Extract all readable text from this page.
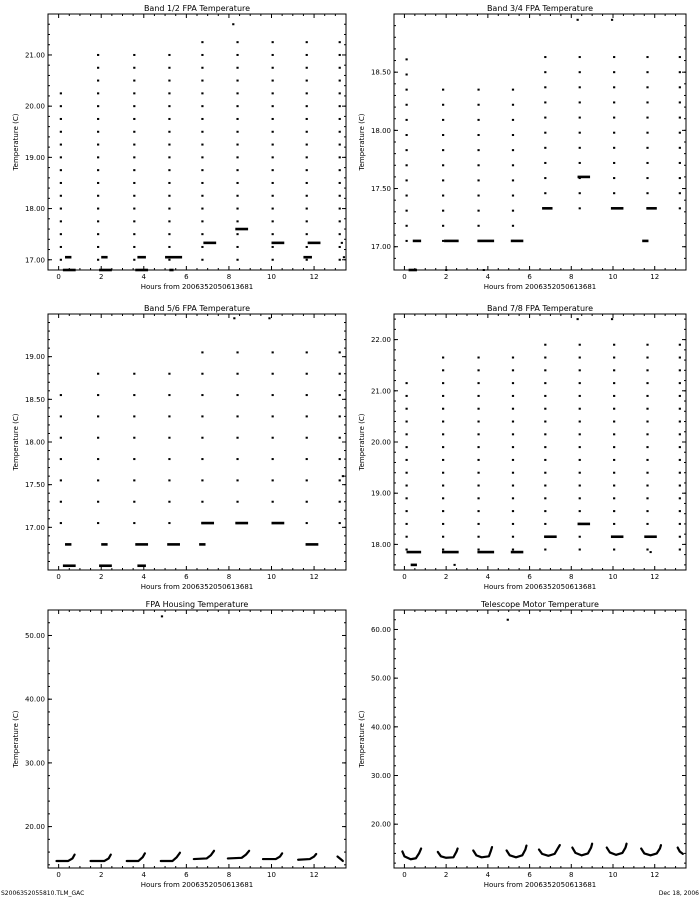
Band 1/2 FPA Temperature
Hours from 2006352050613681
Temperature (C)
0	2	4	6	8	10	12
17.00
18.00
19.00
20.00
21.00
Band 3/4 FPA Temperature
Hours from 2006352050613681
Temperature (C)
0	2	4	6	8	10	12
17.00
17.50
18.00
18.50
Band 5/6 FPA Temperature
Hours from 2006352050613681
Temperature (C)
0	2	4	6	8	10	12
17.00
17.50
18.00
18.50
19.00
Band 7/8 FPA Temperature
Hours from 2006352050613681
Temperature (C)
0	2	4	6	8	10	12
18.00
19.00
20.00
21.00
22.00
FPA Housing Temperature
Hours from 2006352050613681
Temperature (C)
0	2	4	6	8	10	12
20.00
30.00
40.00
50.00
Telescope Motor Temperature
Hours from 2006352050613681
Temperature (C)
0	2	4	6	8	10	12
20.00
30.00
40.00
50.00
60.00
S2006352055810.TLM_GAC	Dec 18, 2006
